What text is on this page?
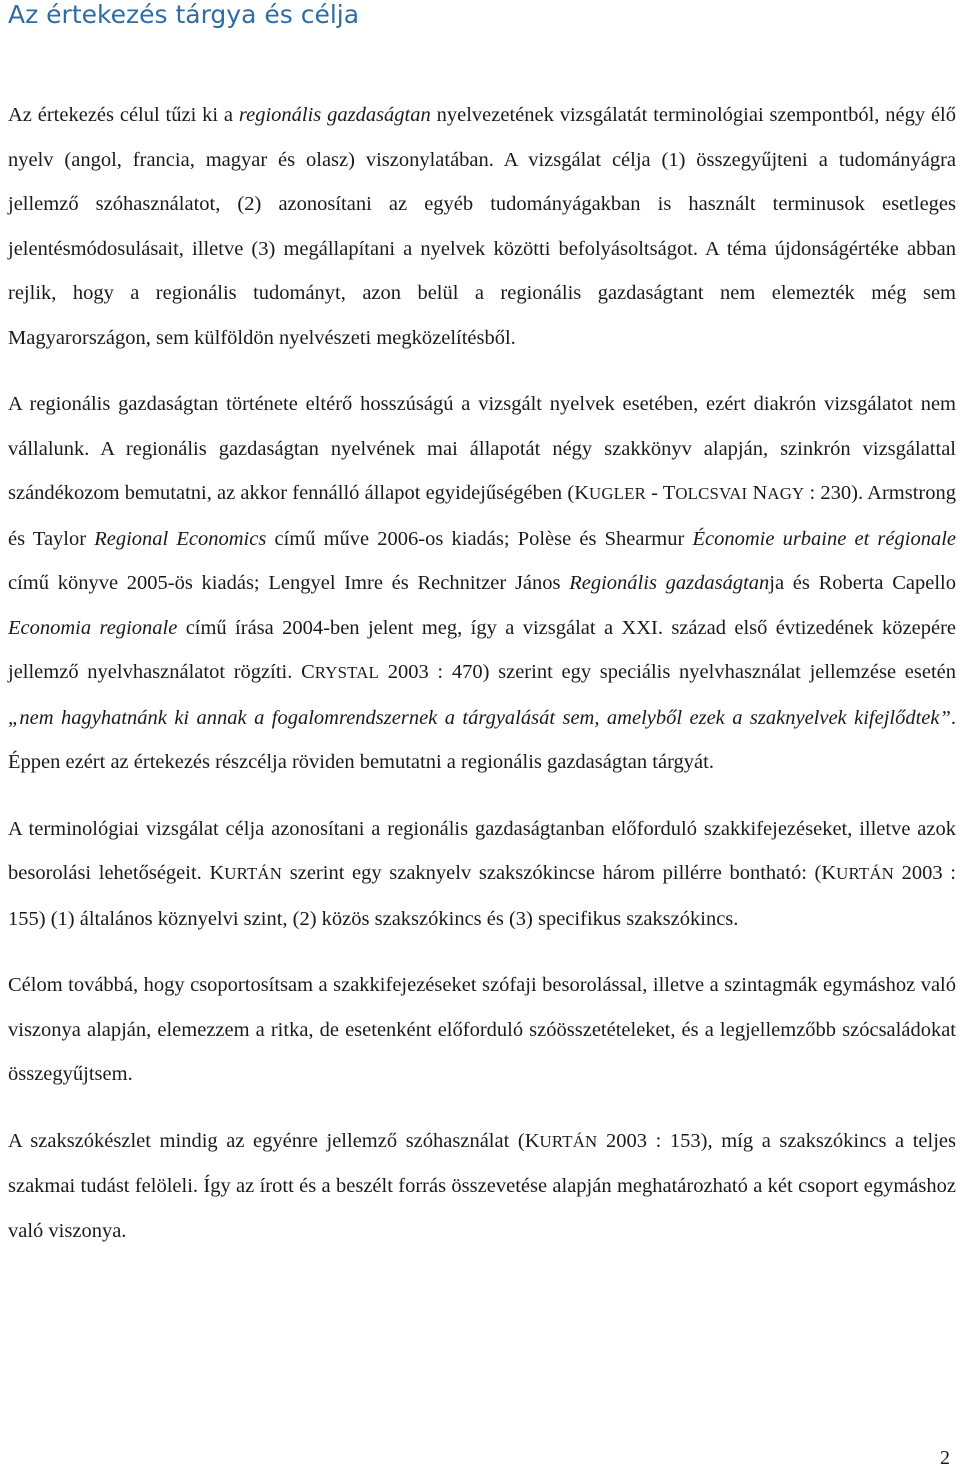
Az értekezés tárgya és célja

Az értekezés célul tűzi ki a regionális gazdaságtan nyelvezetének vizsgálatát terminológiai szempontból, négy élő nyelv (angol, francia, magyar és olasz) viszonylatában. A vizsgálat célja (1) összegyűjteni a tudományágra jellemző szóhasználatot, (2) azonosítani az egyéb tudományágakban is használt terminusok esetleges jelentésmódosulásait, illetve (3) megállapítani a nyelvek közötti befolyásoltságot. A téma újdonságértéke abban rejlik, hogy a regionális tudományt, azon belül a regionális gazdaságtant nem elemezték még sem Magyarországon, sem külföldön nyelvészeti megközelítésből.

A regionális gazdaságtan története eltérő hosszúságú a vizsgált nyelvek esetében, ezért diakrón vizsgálatot nem vállalunk. A regionális gazdaságtan nyelvének mai állapotát négy szakkönyv alapján, szinkrón vizsgálattal szándékozom bemutatni, az akkor fennálló állapot egyidejűségében (KUGLER - TOLCSVAI NAGY : 230). Armstrong és Taylor Regional Economics című műve 2006-os kiadás; Polèse és Shearmur Économie urbaine et régionale című könyve 2005-ös kiadás; Lengyel Imre és Rechnitzer János Regionális gazdaságtanja és Roberta Capello Economia regionale című írása 2004-ben jelent meg, így a vizsgálat a XXI. század első évtizedének közepére jellemző nyelvhasználatot rögzíti. CRYSTAL 2003 : 470) szerint egy speciális nyelvhasználat jellemzése esetén „nem hagyhatnánk ki annak a fogalomrendszernek a tárgyalását sem, amelyből ezek a szaknyelvek kifejlődtek”. Éppen ezért az értekezés részcélja röviden bemutatni a regionális gazdaságtan tárgyát.

A terminológiai vizsgálat célja azonosítani a regionális gazdaságtanban előforduló szakkifejezéseket, illetve azok besorolási lehetőségeit. KURTÁN szerint egy szaknyelv szakszókincse három pillérre bontható: (KURTÁN 2003 : 155) (1) általános köznyelvi szint, (2) közös szakszókincs és (3) specifikus szakszókincs.

Célom továbbá, hogy csoportosítsam a szakkifejezéseket szófaji besorolással, illetve a szintagmák egymáshoz való viszonya alapján, elemezzem a ritka, de esetenként előforduló szóösszetételeket, és a legjellemzőbb szócsaládokat összegyűjtsem.

A szakszókészlet mindig az egyénre jellemző szóhasználat (KURTÁN 2003 : 153), míg a szakszókincs a teljes szakmai tudást felöleli. Így az írott és a beszélt forrás összevetése alapján meghatározható a két csoport egymáshoz való viszonya.

2
